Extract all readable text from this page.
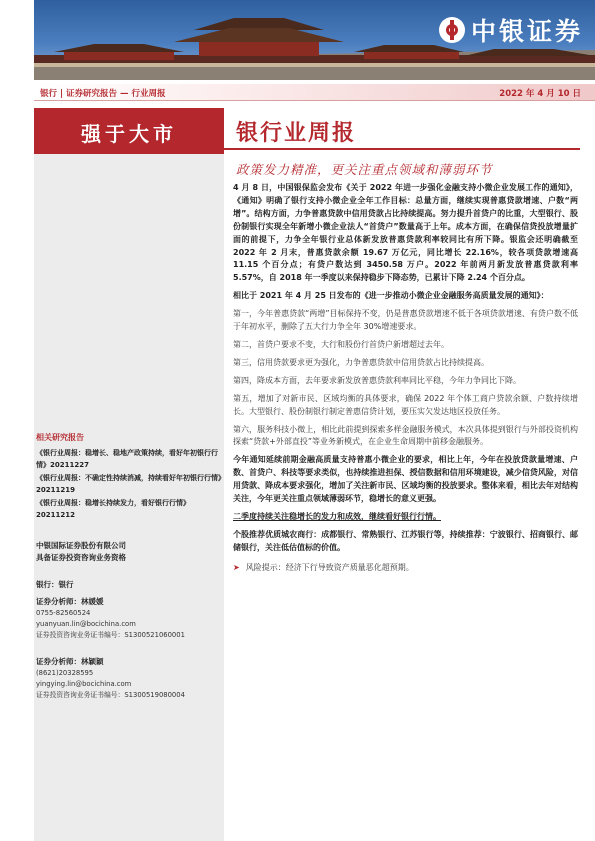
中银证券
银行 | 证券研究报告 — 行业周报	2022 年 4 月 10 日
强于大市
相关研究报告
《银行业周报：稳增长、稳地产政策持续，看好年初银行行情》20211227
《银行业周报：不确定性持续消减，持续看好年初银行行情》20211219
《银行业周报：稳增长持续发力，看好银行行情》20211212
中银国际证券股份有限公司
具备证券投资咨询业务资格
银行：银行
证券分析师：林媛媛
0755-82560524
yuanyuan.lin@bocichina.com
证券投资咨询业务证书编号：S1300521060001
证券分析师：林颖颖
(8621)20328595
yingying.lin@bocichina.com
证券投资咨询业务证书编号：S1300519080004
银行业周报
政策发力精准，更关注重点领域和薄弱环节

4 月 8 日，中国银保监会发布《关于 2022 年进一步强化金融支持小微企业发展工作的通知》，《通知》明确了银行支持小微企业全年工作目标：总量方面，继续实现普惠贷款增速、户数“两增”。结构方面，力争普惠贷款中信用贷款占比持续提高。努力提升首贷户的比重，大型银行、股份制银行实现全年新增小微企业法人“首贷户”数量高于上年。成本方面，在确保信贷投放增量扩面的前提下，力争全年银行业总体新发放普惠贷款利率较同比有所下降。银监会还明确截至 2022 年 2 月末，普惠贷款余额 19.67 万亿元，同比增长 22.16%，较各项贷款增速高 11.15 个百分点；有贷户数达到 3450.58 万户。2022 年前两月新发放普惠贷款利率 5.57%，自 2018 年一季度以来保持稳步下降态势，已累计下降 2.24 个百分点。

相比于 2021 年 4 月 25 日发布的《进一步推动小微企业金融服务高质量发展的通知》：

第一，今年普惠贷款“两增”目标保持不变，仍是普惠贷款增速不低于各项贷款增速、有贷户数不低于年初水平，删除了五大行力争全年 30%增速要求。

第二，首贷户要求不变，大行和股份行首贷户新增超过去年。

第三，信用贷款要求更为强化，力争普惠贷款中信用贷款占比持续提高。

第四，降成本方面，去年要求新发放普惠贷款利率同比平稳，今年力争同比下降。

第五，增加了对新市民、区域均衡的具体要求，确保 2022 年个体工商户贷款余额、户数持续增长。大型银行、股份制银行制定普惠信贷计划，要压实欠发达地区投放任务。

第六，服务科技小微上，相比此前提到探索多样金融服务模式，本次具体提到银行与外部投资机构探索“贷款+外部直投”等业务新模式，在企业生命周期中前移金融服务。

今年通知延续前期金融高质量支持普惠小微企业的要求，相比上年，今年在投放贷款量增速、户数、首贷户、科技等要求类似，也持续推进担保、授信数据和信用环境建设，减少信贷风险，对信用贷款、降成本要求强化，增加了关注新市民、区域均衡的投放要求。整体来看，相比去年对结构关注，今年更关注重点领域薄弱环节，稳增长的意义更强。

二季度持续关注稳增长的发力和成效，继续看好银行行情。

个股推荐优质城农商行：成都银行、常熟银行、江苏银行等，持续推荐：宁波银行、招商银行、邮储银行，关注低估值标的价值。

➤ 风险提示：经济下行导致资产质量恶化超预期。
